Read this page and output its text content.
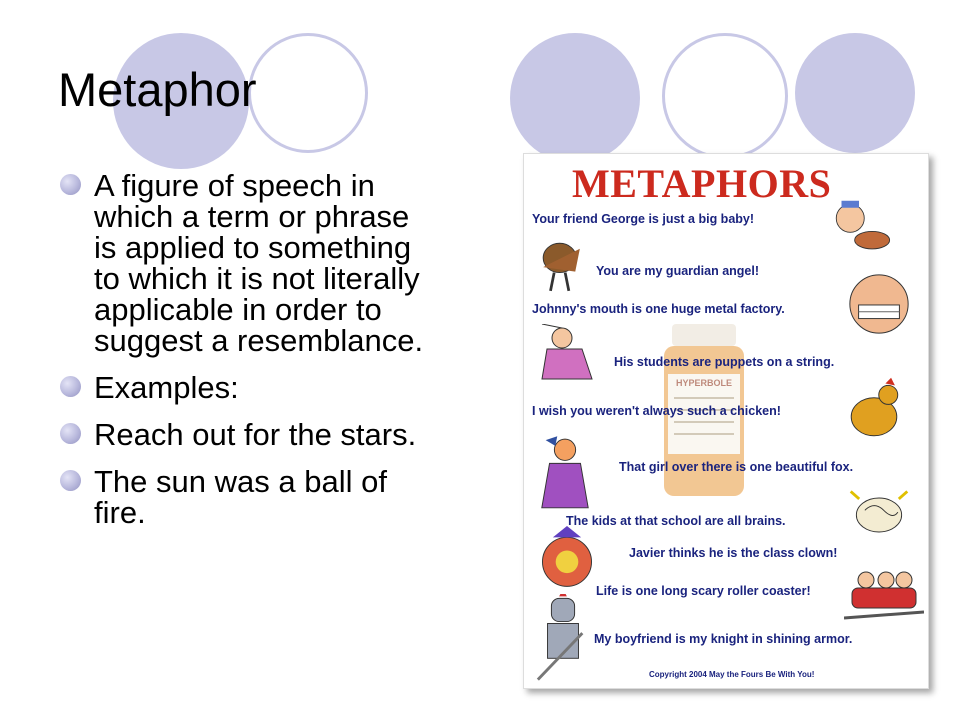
Metaphor
A figure of speech in which a term or phrase is applied to something to which it is not literally applicable in order to suggest a resemblance.
Examples:
Reach out for the stars.
The sun was a ball of fire.
METAPHORS
HYPERBOLE
Your friend George is just a big baby!
You are my guardian angel!
Johnny's mouth is one huge metal factory.
His students are puppets on a string.
I wish you weren't always such a chicken!
That girl over there is one beautiful fox.
The kids at that school are all brains.
Javier thinks he is the class clown!
Life is one long scary roller coaster!
My boyfriend is my knight in shining armor.
Copyright 2004 May the Fours Be With You!
